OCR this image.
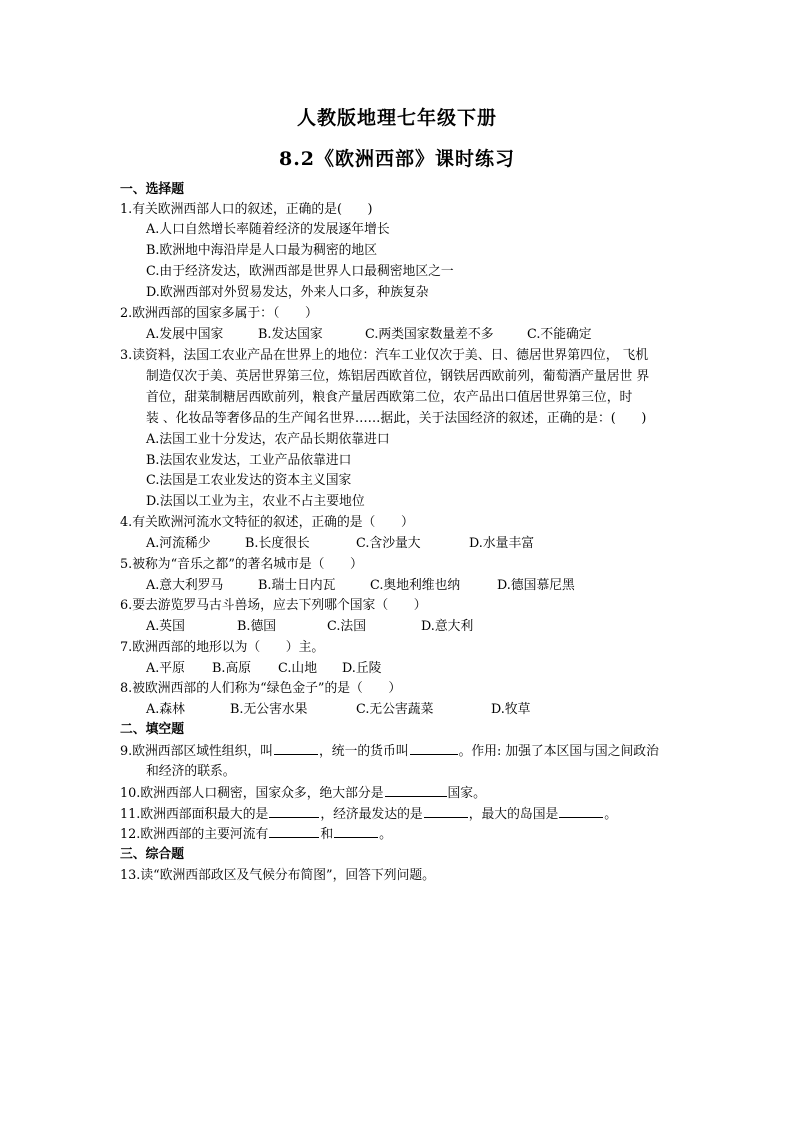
人教版地理七年级下册
8.2《欧洲西部》课时练习
一、选择题
1.有关欧洲西部人口的叙述，正确的是(　　)
A.人口自然增长率随着经济的发展逐年增长
B.欧洲地中海沿岸是人口最为稠密的地区
C.由于经济发达，欧洲西部是世界人口最稠密地区之一
D.欧洲西部对外贸易发达，外来人口多，种族复杂
2.欧洲西部的国家多属于：（　　）
A.发展中国家	B.发达国家	C.两类国家数量差不多	C.不能确定
3.读资料，法国工农业产品在世界上的地位：汽车工业仅次于美、日、德居世界第四位， 飞机
制造仅次于美、英居世界第三位，炼铝居西欧首位，钢铁居西欧前列，葡萄酒产量居世 界
首位，甜菜制糖居西欧前列，粮食产量居西欧第二位，农产品出口值居世界第三位，时
装 、化妆品等奢侈品的生产闻名世界……据此，关于法国经济的叙述，正确的是：(　　)
A.法国工业十分发达，农产品长期依靠进口
B.法国农业发达，工业产品依靠进口
C.法国是工农业发达的资本主义国家
D.法国以工业为主，农业不占主要地位
4.有关欧洲河流水文特征的叙述，正确的是（　　）
A.河流稀少	B.长度很长	C.含沙量大	D.水量丰富
5.被称为“音乐之都”的著名城市是（　　）
A.意大利罗马	B.瑞士日内瓦	C.奥地利维也纳	D.德国慕尼黑
6.要去游览罗马古斗兽场，应去下列哪个国家（　　）
A.英国	B.德国	C.法国	D.意大利
7.欧洲西部的地形以为（　　）主。
A.平原 B.高原 C.山地 D.丘陵
8.被欧洲西部的人们称为“绿色金子”的是（　　）
A.森林	B.无公害水果	C.无公害蔬菜	D.牧草
二、填空题
9.欧洲西部区域性组织，叫	，统一的货币叫	。作用: 加强了本区国与国之间政治
和经济的联系。
10.欧洲西部人口稠密，国家众多，绝大部分是	国家。
11.欧洲西部面积最大的是	，经济最发达的是	，最大的岛国是	。
12.欧洲西部的主要河流有	和	。
三、综合题
13.读“欧洲西部政区及气候分布简图”，回答下列问题。
